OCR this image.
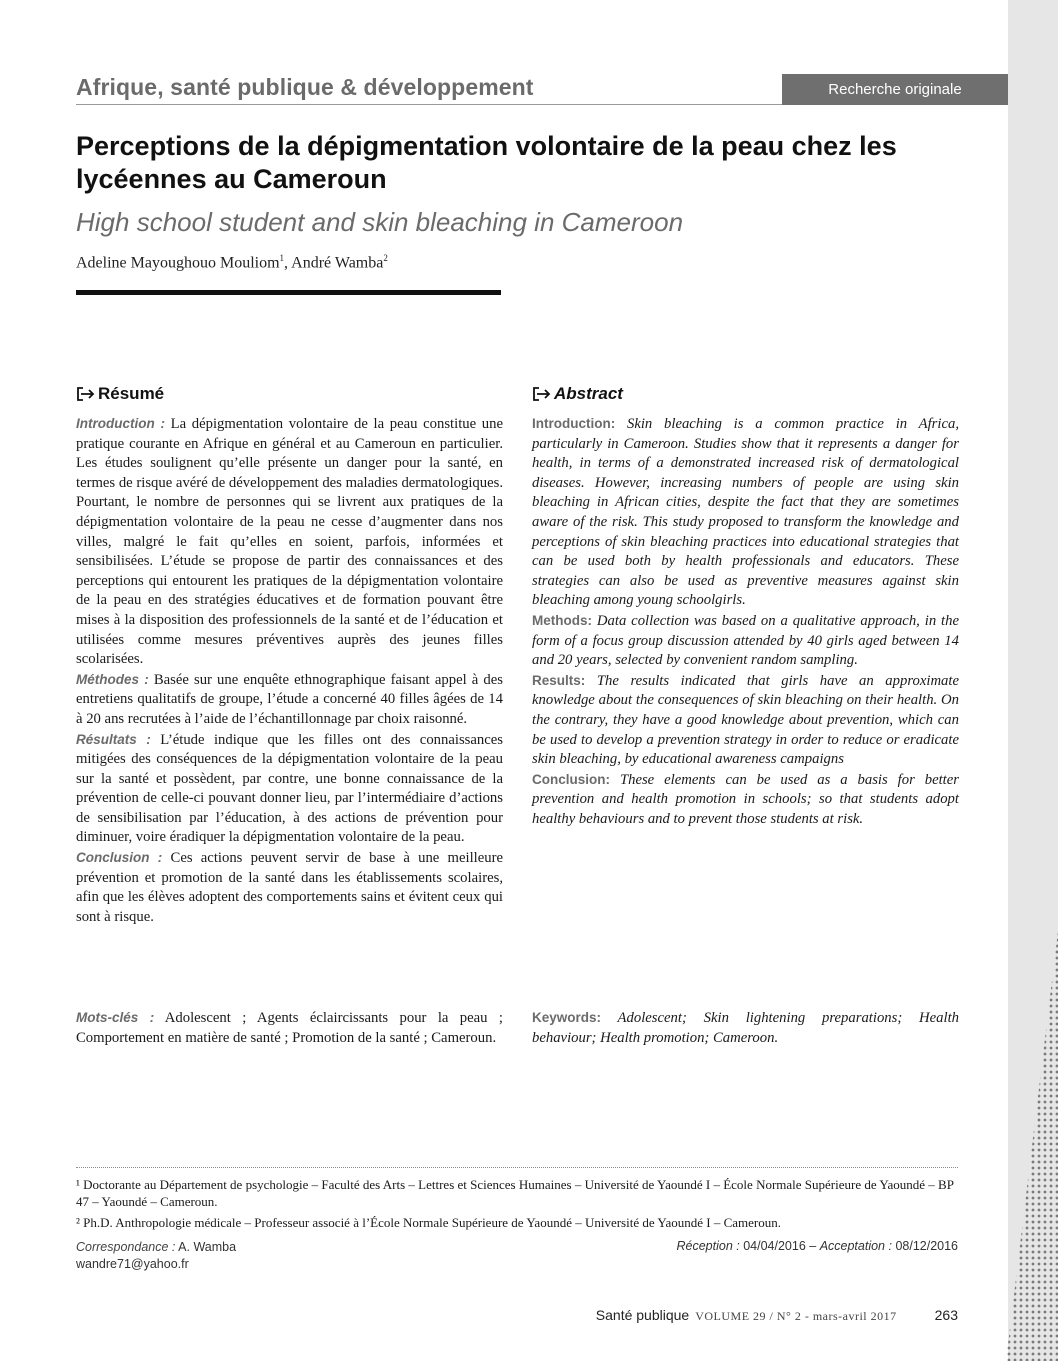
Afrique, santé publique & développement	Recherche originale
Perceptions de la dépigmentation volontaire de la peau chez les lycéennes au Cameroun
High school student and skin bleaching in Cameroon
Adeline Mayoughouo Mouliom$^1$, André Wamba$^2$
Résumé	Abstract

Introduction : La dépigmentation volontaire de la peau constitue une pratique courante en Afrique en général et au Cameroun en particulier. Les études soulignent qu’elle présente un danger pour la santé, en termes de risque avéré de développement des maladies dermatologiques. Pourtant, le nombre de personnes qui se livrent aux pratiques de la dépigmentation volontaire de la peau ne cesse d’augmenter dans nos villes, malgré le fait qu’elles en soient, parfois, informées et sensibilisées. L’étude se propose de partir des connaissances et des perceptions qui entourent les pratiques de la dépigmentation volontaire de la peau en des stratégies éducatives et de formation pouvant être mises à la disposition des professionnels de la santé et de l’éducation et utilisées comme mesures préventives auprès des jeunes filles scolarisées.

Méthodes : Basée sur une enquête ethnographique faisant appel à des entretiens qualitatifs de groupe, l’étude a concerné 40 filles âgées de 14 à 20 ans recrutées à l’aide de l’échantillonnage par choix raisonné.

Résultats : L’étude indique que les filles ont des connaissances mitigées des conséquences de la dépigmentation volontaire de la peau sur la santé et possèdent, par contre, une bonne connaissance de la prévention de celle-ci pouvant donner lieu, par l’intermédiaire d’actions de sensibilisation par l’éducation, à des actions de prévention pour diminuer, voire éradiquer la dépigmentation volontaire de la peau.

Conclusion : Ces actions peuvent servir de base à une meilleure prévention et promotion de la santé dans les établissements scolaires, afin que les élèves adoptent des comportements sains et évitent ceux qui sont à risque.

Introduction: Skin bleaching is a common practice in Africa, particularly in Cameroon. Studies show that it represents a danger for health, in terms of a demonstrated increased risk of dermatological diseases. However, increasing numbers of people are using skin bleaching in African cities, despite the fact that they are sometimes aware of the risk. This study proposed to transform the knowledge and perceptions of skin bleaching practices into educational strategies that can be used both by health professionals and educators. These strategies can also be used as preventive measures against skin bleaching among young schoolgirls.

Methods: Data collection was based on a qualitative approach, in the form of a focus group discussion attended by 40 girls aged between 14 and 20 years, selected by convenient random sampling.

Results: The results indicated that girls have an approximate knowledge about the consequences of skin bleaching on their health. On the contrary, they have a good knowledge about prevention, which can be used to develop a prevention strategy in order to reduce or eradicate skin bleaching, by educational awareness campaigns

Conclusion: These elements can be used as a basis for better prevention and health promotion in schools; so that students adopt healthy behaviours and to prevent those students at risk.

Mots-clés : Adolescent ; Agents éclaircissants pour la peau ; Comportement en matière de santé ; Promotion de la santé ; Cameroun.
Keywords: Adolescent; Skin lightening preparations; Health behaviour; Health promotion; Cameroon.

¹ Doctorante au Département de psychologie – Faculté des Arts – Lettres et Sciences Humaines – Université de Yaoundé I – École Normale Supérieure de Yaoundé – BP 47 – Yaoundé – Cameroun.

² Ph.D. Anthropologie médicale – Professeur associé à l’École Normale Supérieure de Yaoundé – Université de Yaoundé I – Cameroun.

Correspondance : A. Wamba
wandre71@yahoo.fr
Réception : 04/04/2016 – Acceptation : 08/12/2016
Santé publique VOLUME 29 / N° 2 - mars-avril 2017	263
